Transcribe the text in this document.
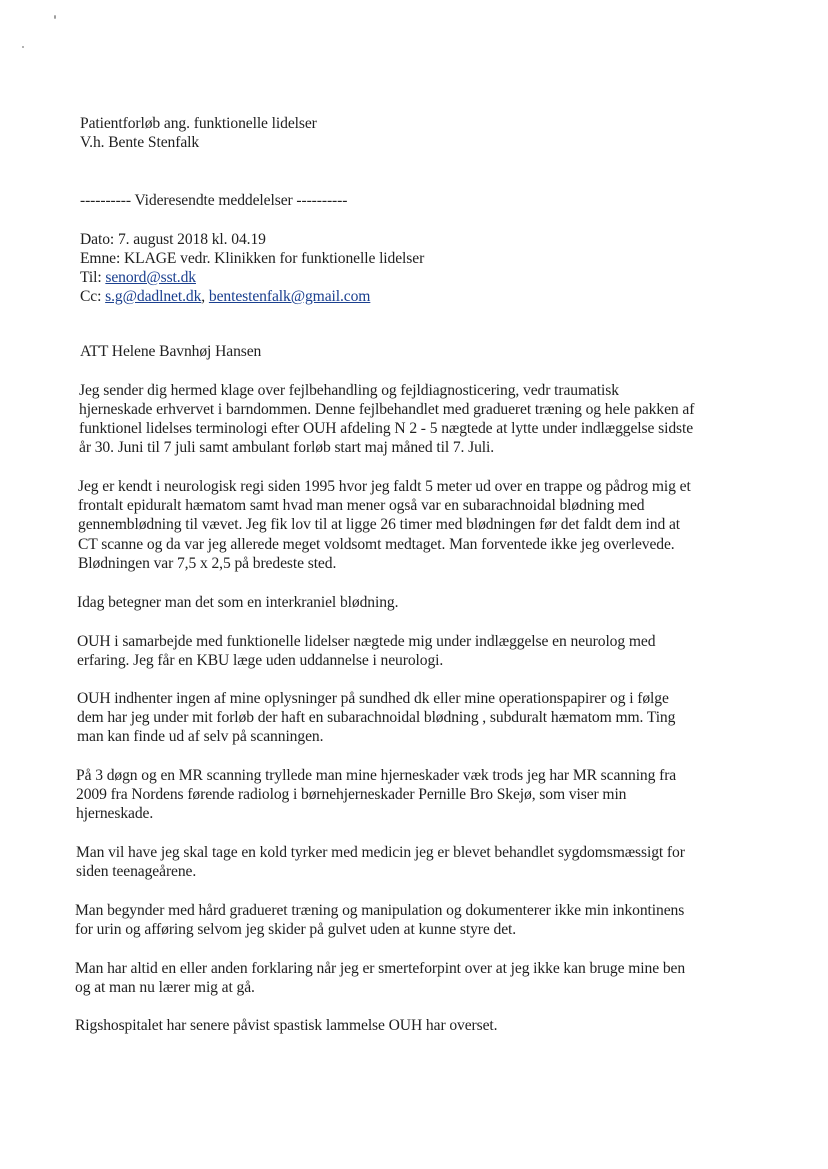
Patientforløb ang. funktionelle lidelser
V.h. Bente Stenfalk
---------- Videresendte meddelelser ----------
Dato: 7. august 2018 kl. 04.19
Emne: KLAGE vedr. Klinikken for funktionelle lidelser
Til: senord@sst.dk
Cc: s.g@dadlnet.dk, bentestenfalk@gmail.com
ATT Helene Bavnhøj Hansen
Jeg sender dig hermed klage over fejlbehandling og fejldiagnosticering, vedr traumatisk
hjerneskade erhvervet i barndommen. Denne fejlbehandlet med gradueret træning og hele pakken af
funktionel lidelses terminologi efter OUH afdeling N 2 - 5 nægtede at lytte under indlæggelse sidste
år 30. Juni til 7 juli samt ambulant forløb start maj måned til 7. Juli.
Jeg er kendt i neurologisk regi siden 1995 hvor jeg faldt 5 meter ud over en trappe og pådrog mig et
frontalt epiduralt hæmatom samt hvad man mener også var en subarachnoidal blødning med
gennemblødning til vævet. Jeg fik lov til at ligge 26 timer med blødningen før det faldt dem ind at
CT scanne og da var jeg allerede meget voldsomt medtaget. Man forventede ikke jeg overlevede.
Blødningen var 7,5 x 2,5 på bredeste sted.
Idag betegner man det som en interkraniel blødning.
OUH i samarbejde med funktionelle lidelser nægtede mig under indlæggelse en neurolog med
erfaring. Jeg får en KBU læge uden uddannelse i neurologi.
OUH indhenter ingen af mine oplysninger på sundhed dk eller mine operationspapirer og i følge
dem har jeg under mit forløb der haft en subarachnoidal blødning , subduralt hæmatom mm. Ting
man kan finde ud af selv på scanningen.
På 3 døgn og en MR scanning tryllede man mine hjerneskader væk trods jeg har MR scanning fra
2009 fra Nordens førende radiolog i børnehjerneskader Pernille Bro Skejø, som viser min
hjerneskade.
Man vil have jeg skal tage en kold tyrker med medicin jeg er blevet behandlet sygdomsmæssigt for
siden teenageårene.
Man begynder med hård gradueret træning og manipulation og dokumenterer ikke min inkontinens
for urin og afføring selvom jeg skider på gulvet uden at kunne styre det.
Man har altid en eller anden forklaring når jeg er smerteforpint over at jeg ikke kan bruge mine ben
og at man nu lærer mig at gå.
Rigshospitalet har senere påvist spastisk lammelse OUH har overset.
